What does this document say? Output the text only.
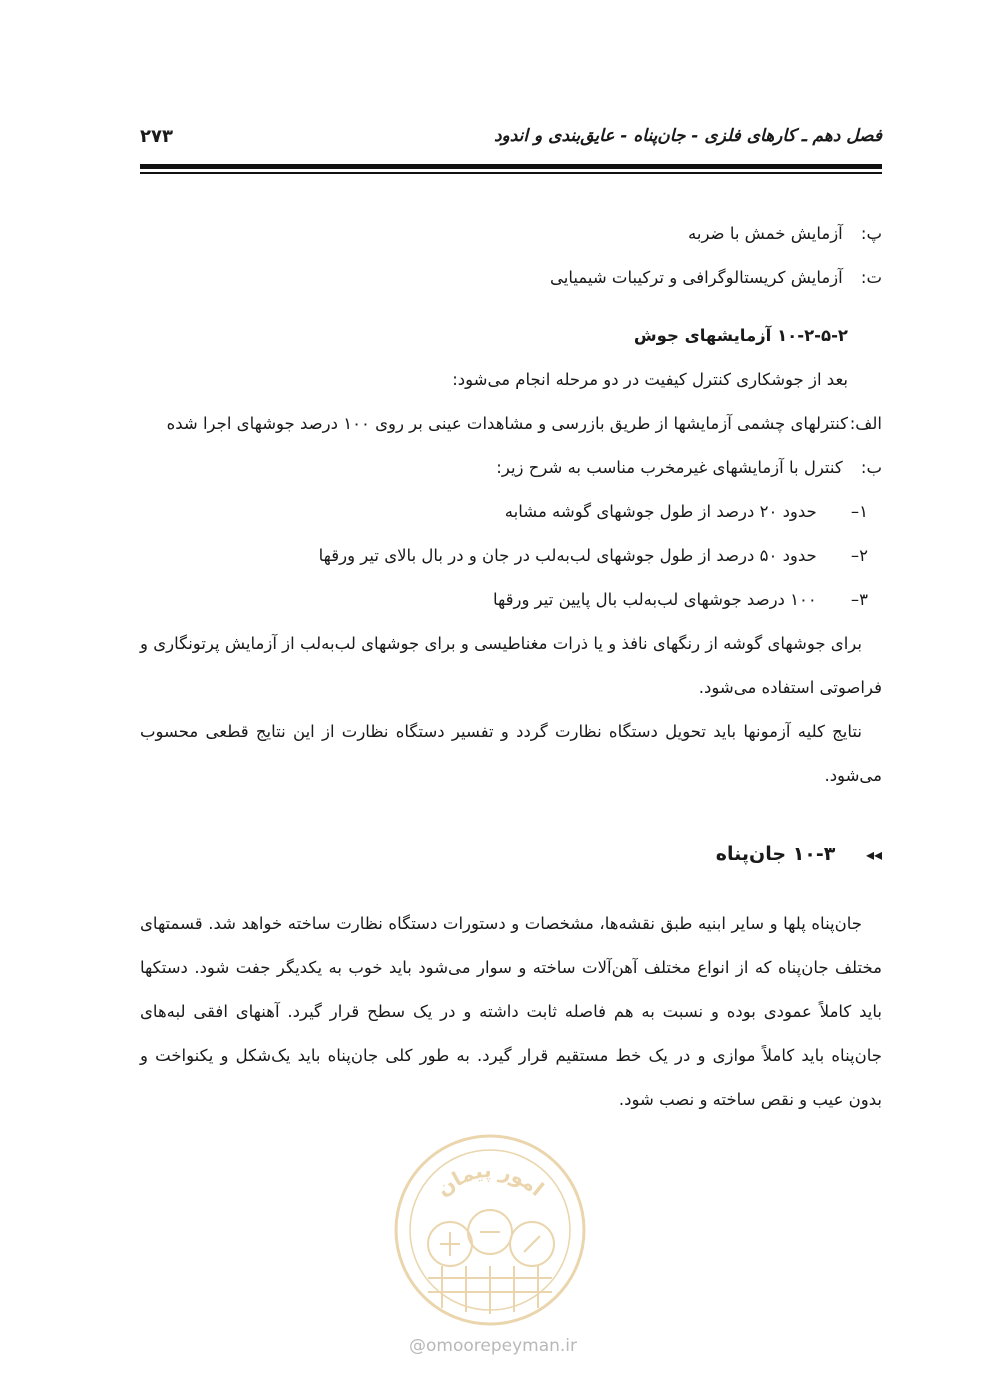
فصل دهم ـ کارهای فلزی - جان‌پناه - عایق‌بندی و اندود
۲۷۳
پ: آزمایش خمش با ضربه
ت: آزمایش کریستالوگرافی و ترکیبات شیمیایی
۱۰-۲-۵-۲ آزمایشهای جوش
بعد از جوشکاری کنترل کیفیت در دو مرحله انجام می‌شود:
الف:
کنترلهای چشمی آزمایشها از طریق بازرسی و مشاهدات عینی بر روی ۱۰۰ درصد جوشهای اجرا شده
ب: کنترل با آزمایشهای غیرمخرب مناسب به شرح زیر:
۱– حدود ۲۰ درصد از طول جوشهای گوشه مشابه
۲– حدود ۵۰ درصد از طول جوشهای لب‌به‌لب در جان و در بال بالای تیر ورقها
۳– ۱۰۰ درصد جوشهای لب‌به‌لب بال پایین تیر ورقها

برای جوشهای گوشه از رنگهای نافذ و یا ذرات مغناطیسی و برای جوشهای لب‌به‌لب از آزمایش پرتونگاری و فراصوتی استفاده می‌شود.

نتایج کلیه آزمونها باید تحویل دستگاه نظارت گردد و تفسیر دستگاه نظارت از این نتایج قطعی محسوب می‌شود.

◂◂ ۱۰-۳ جان‌پناه

جان‌پناه پلها و سایر ابنیه طبق نقشه‌ها، مشخصات و دستورات دستگاه نظارت ساخته خواهد شد. قسمتهای مختلف جان‌پناه که از انواع مختلف آهن‌آلات ساخته و سوار می‌شود باید خوب به یکدیگر جفت شود. دستکها باید کاملاً عمودی بوده و نسبت به هم فاصله ثابت داشته و در یک سطح قرار گیرد. آهنهای افقی لبه‌های جان‌پناه باید کاملاً موازی و در یک خط مستقیم قرار گیرد. به طور کلی جان‌پناه باید یک‌شکل و یکنواخت و بدون عیب و نقص ساخته و نصب شود.

امور پیمان
@omoorepeyman.ir
